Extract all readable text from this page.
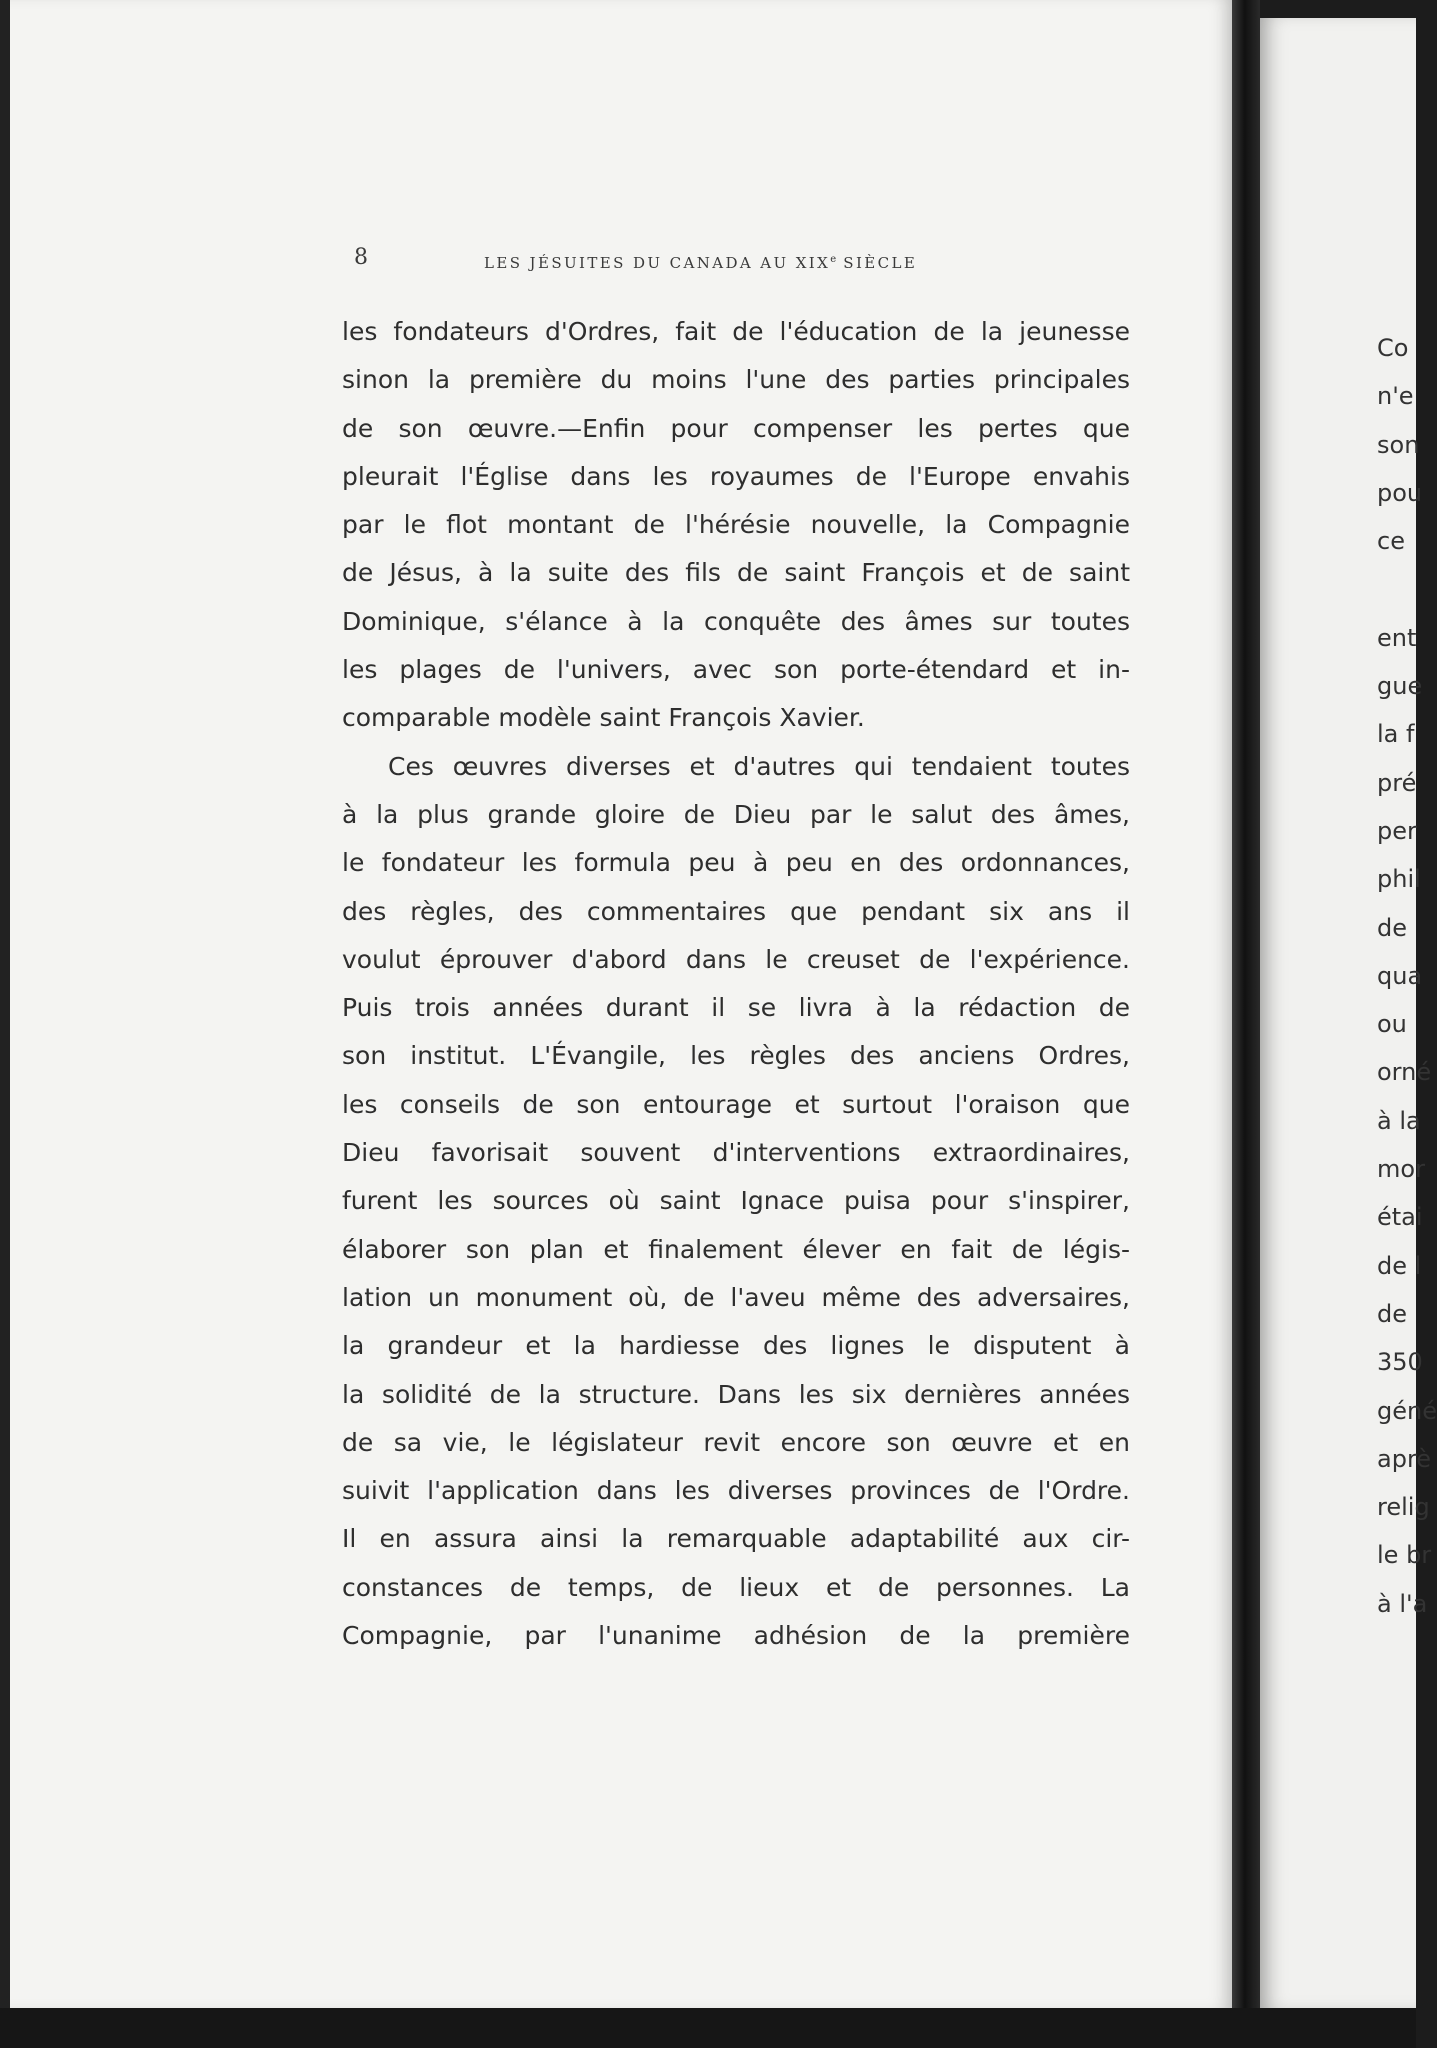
8	LES JÉSUITES DU CANADA AU XIXe SIÈCLE
les fondateurs d'Ordres, fait de l'éducation de la jeunesse
sinon la première du moins l'une des parties principales
de son œuvre.—Enfin pour compenser les pertes que
pleurait l'Église dans les royaumes de l'Europe envahis
par le flot montant de l'hérésie nouvelle, la Compagnie
de Jésus, à la suite des fils de saint François et de saint
Dominique, s'élance à la conquête des âmes sur toutes
les plages de l'univers, avec son porte-étendard et in-
comparable modèle saint François Xavier.
Ces œuvres diverses et d'autres qui tendaient toutes
à la plus grande gloire de Dieu par le salut des âmes,
le fondateur les formula peu à peu en des ordonnances,
des règles, des commentaires que pendant six ans il
voulut éprouver d'abord dans le creuset de l'expérience.
Puis trois années durant il se livra à la rédaction de
son institut. L'Évangile, les règles des anciens Ordres,
les conseils de son entourage et surtout l'oraison que
Dieu favorisait souvent d'interventions extraordinaires,
furent les sources où saint Ignace puisa pour s'inspirer,
élaborer son plan et finalement élever en fait de légis-
lation un monument où, de l'aveu même des adversaires,
la grandeur et la hardiesse des lignes le disputent à
la solidité de la structure. Dans les six dernières années
de sa vie, le législateur revit encore son œuvre et en
suivit l'application dans les diverses provinces de l'Ordre.
Il en assura ainsi la remarquable adaptabilité aux cir-
constances de temps, de lieux et de personnes. La
Compagnie, par l'unanime adhésion de la première
Co
n'e
son
pou
ce
ent
gue
la f
pré
per
phil
de
qua
ou
orné
à la
mor
étai
de l
de
350
géné
aprè
relig
le br
à l'a
